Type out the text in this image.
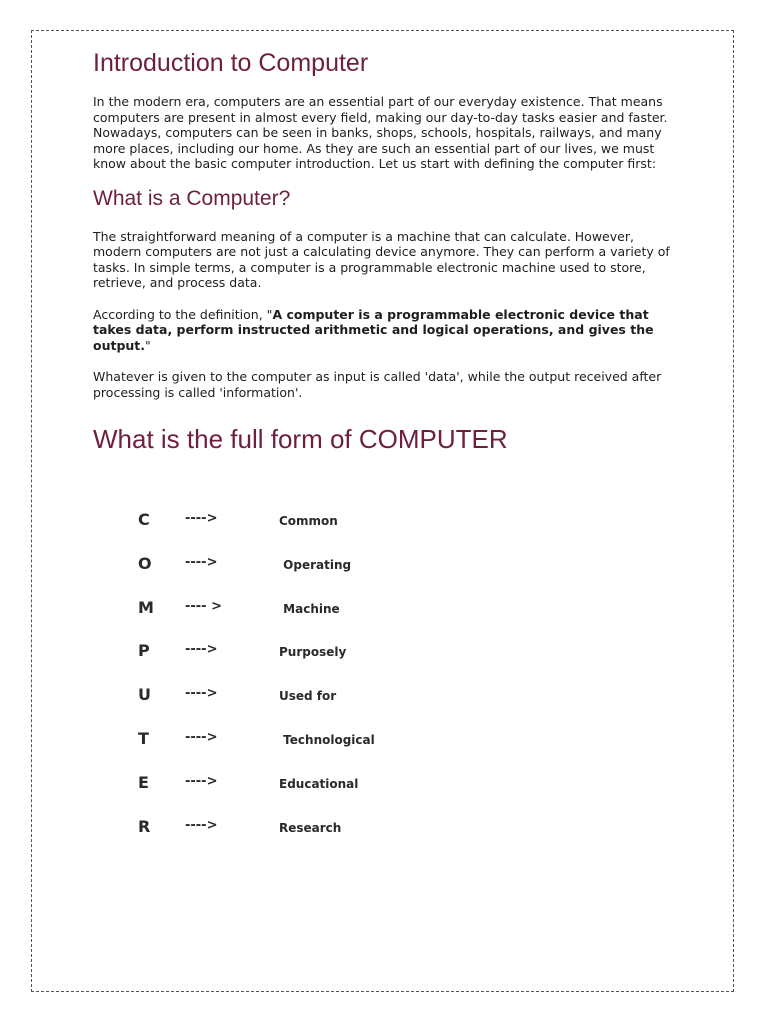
Introduction to Computer

In the modern era, computers are an essential part of our everyday existence. That means computers are present in almost every field, making our day-to-day tasks easier and faster. Nowadays, computers can be seen in banks, shops, schools, hospitals, railways, and many more places, including our home. As they are such an essential part of our lives, we must know about the basic computer introduction. Let us start with defining the computer first:

What is a Computer?

The straightforward meaning of a computer is a machine that can calculate. However, modern computers are not just a calculating device anymore. They can perform a variety of tasks. In simple terms, a computer is a programmable electronic machine used to store, retrieve, and process data.

According to the definition, "A computer is a programmable electronic device that takes data, perform instructed arithmetic and logical operations, and gives the output."

Whatever is given to the computer as input is called 'data', while the output received after processing is called 'information'.

What is the full form of COMPUTER
C	---->	Common
O	---->	Operating
M ---- >	Machine
P	---->	Purposely
U	---->	Used for
T	---->	Technological
E	---->	Educational
R	---->	Research
